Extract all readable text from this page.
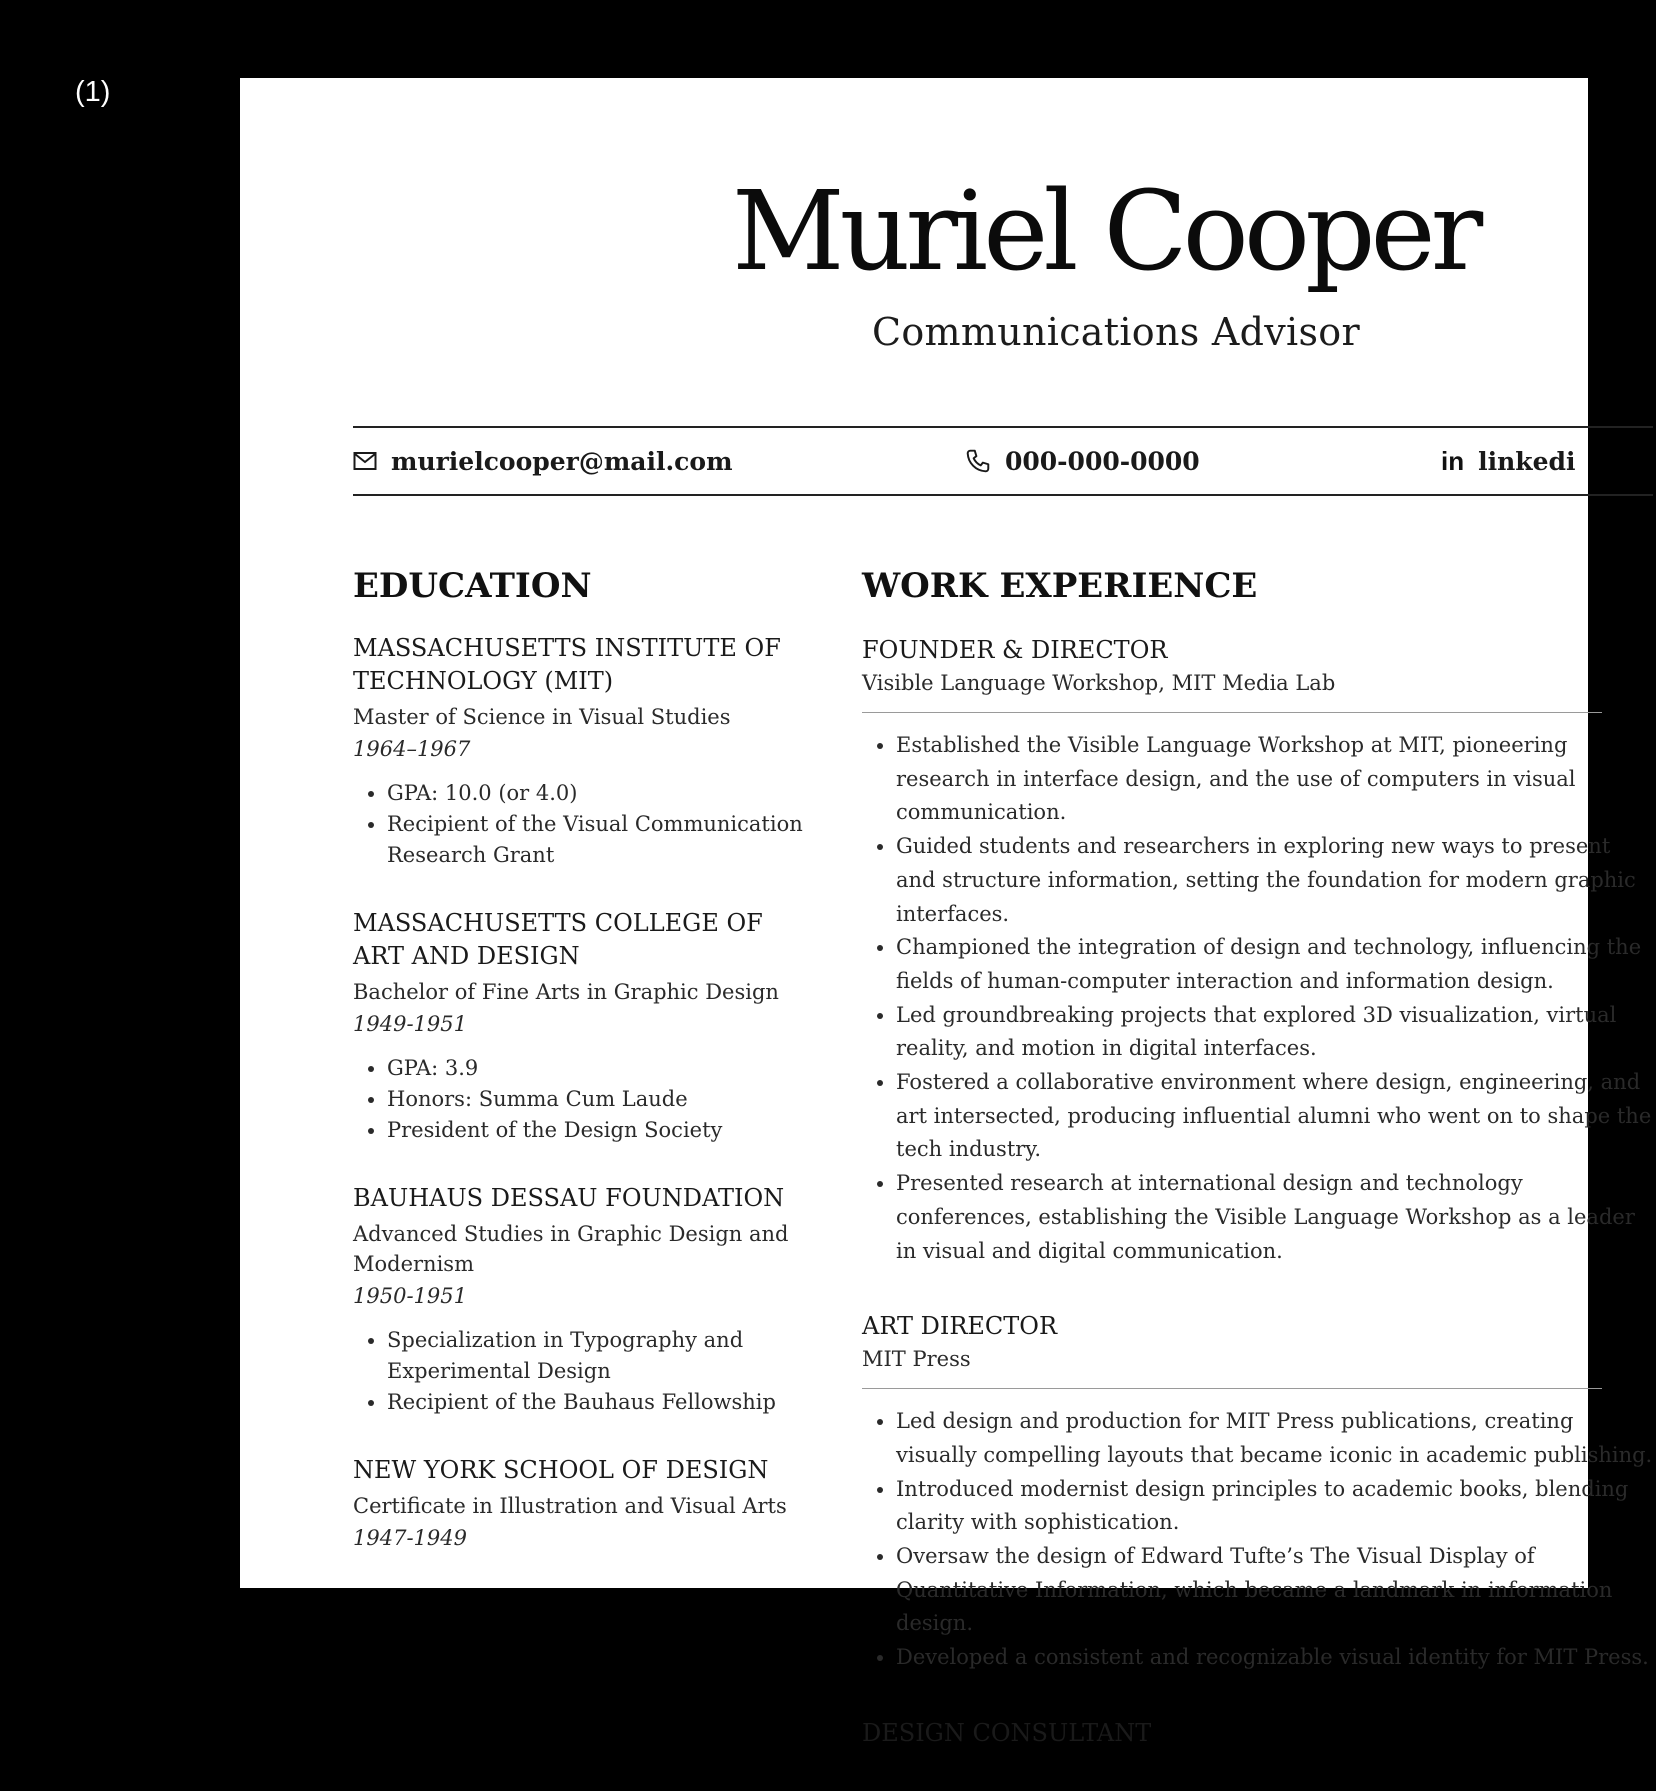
(1)
Muriel Cooper
Communications Advisor
murielcooper@mail.com	000-000-0000	in linkedi
EDUCATION
MASSACHUSETTS INSTITUTE OF TECHNOLOGY (MIT)
Master of Science in Visual Studies
1964–1967
• GPA: 10.0 (or 4.0)
• Recipient of the Visual Communication Research Grant
MASSACHUSETTS COLLEGE OF ART AND DESIGN
Bachelor of Fine Arts in Graphic Design
1949-1951
• GPA: 3.9
• Honors: Summa Cum Laude
• President of the Design Society
BAUHAUS DESSAU FOUNDATION
Advanced Studies in Graphic Design and Modernism
1950-1951
• Specialization in Typography and Experimental Design
• Recipient of the Bauhaus Fellowship
NEW YORK SCHOOL OF DESIGN
Certificate in Illustration and Visual Arts
1947-1949
WORK EXPERIENCE
FOUNDER & DIRECTOR
Visible Language Workshop, MIT Media Lab
• Established the Visible Language Workshop at MIT, pioneering research in interface design, and the use of computers in visual communication.
• Guided students and researchers in exploring new ways to present and structure information, setting the foundation for modern graphic interfaces.
• Championed the integration of design and technology, influencing the fields of human-computer interaction and information design.
• Led groundbreaking projects that explored 3D visualization, virtual reality, and motion in digital interfaces.
• Fostered a collaborative environment where design, engineering, and art intersected, producing influential alumni who went on to shape the tech industry.
• Presented research at international design and technology conferences, establishing the Visible Language Workshop as a leader in visual and digital communication.
ART DIRECTOR
MIT Press
• Led design and production for MIT Press publications, creating visually compelling layouts that became iconic in academic publishing.
• Introduced modernist design principles to academic books, blending clarity with sophistication.
• Oversaw the design of Edward Tufte’s The Visual Display of Quantitative Information, which became a landmark in information design.
• Developed a consistent and recognizable visual identity for MIT Press.
DESIGN CONSULTANT
